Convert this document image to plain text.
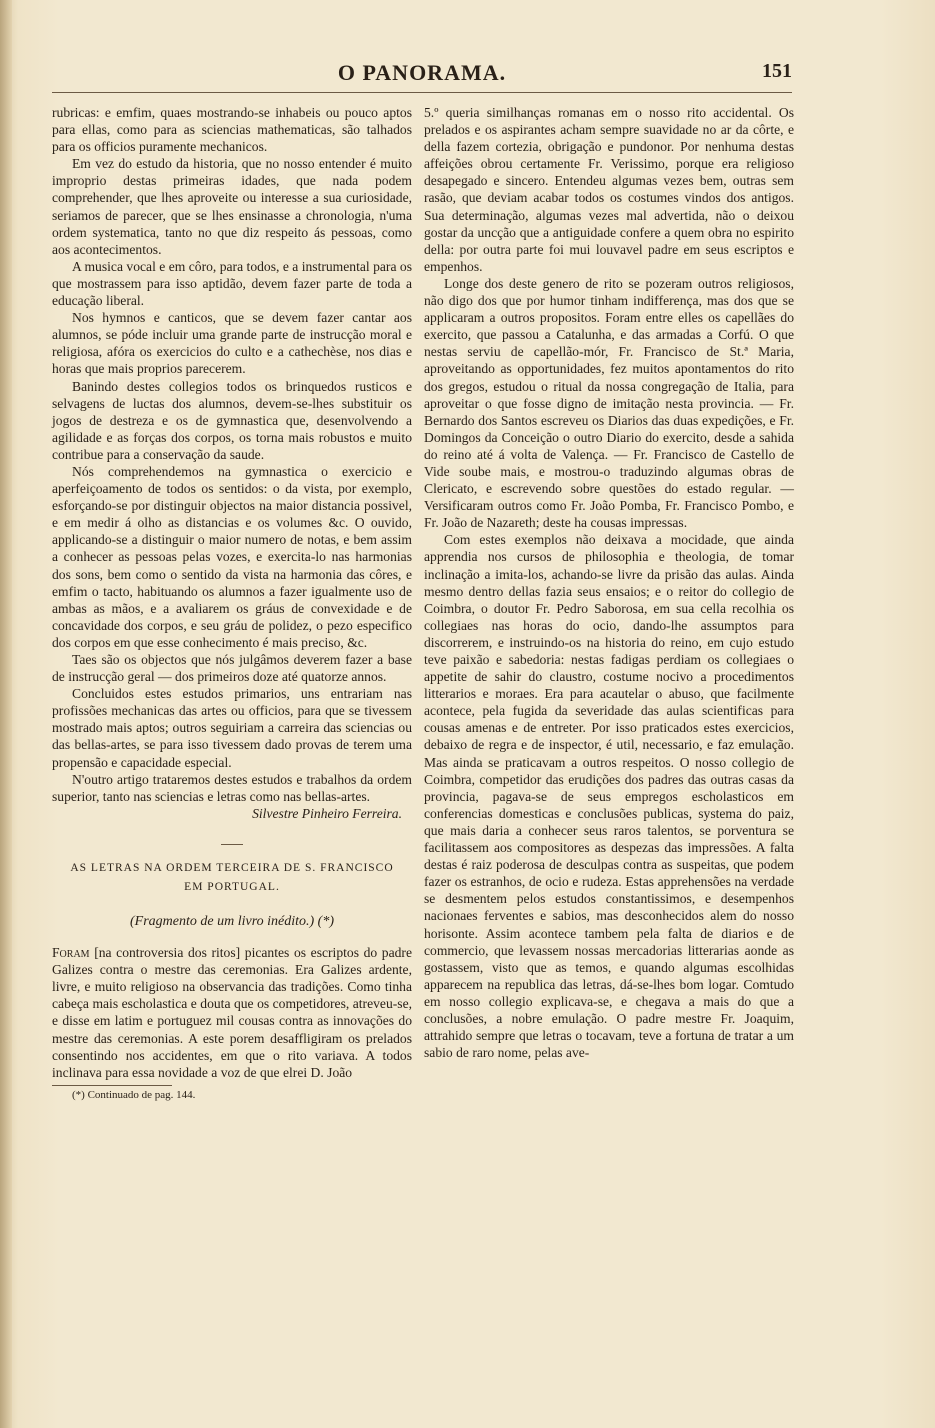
O PANORAMA.	151

rubricas: e emfim, quaes mostrando-se inhabeis ou pouco aptos para ellas, como para as sciencias mathematicas, são talhados para os officios puramente mechanicos.

Em vez do estudo da historia, que no nosso entender é muito improprio destas primeiras idades, que nada podem comprehender, que lhes aproveite ou interesse a sua curiosidade, seriamos de parecer, que se lhes ensinasse a chronologia, n'uma ordem systematica, tanto no que diz respeito ás pessoas, como aos acontecimentos.

A musica vocal e em côro, para todos, e a instrumental para os que mostrassem para isso aptidão, devem fazer parte de toda a educação liberal.

Nos hymnos e canticos, que se devem fazer cantar aos alumnos, se póde incluir uma grande parte de instrucção moral e religiosa, afóra os exercicios do culto e a cathechèse, nos dias e horas que mais proprios parecerem.

Banindo destes collegios todos os brinquedos rusticos e selvagens de luctas dos alumnos, devem-se-lhes substituir os jogos de destreza e os de gymnastica que, desenvolvendo a agilidade e as forças dos corpos, os torna mais robustos e muito contribue para a conservação da saude.

Nós comprehendemos na gymnastica o exercicio e aperfeiçoamento de todos os sentidos: o da vista, por exemplo, esforçando-se por distinguir objectos na maior distancia possivel, e em medir á olho as distancias e os volumes &c. O ouvido, applicando-se a distinguir o maior numero de notas, e bem assim a conhecer as pessoas pelas vozes, e exercita-lo nas harmonias dos sons, bem como o sentido da vista na harmonia das côres, e emfim o tacto, habituando os alumnos a fazer igualmente uso de ambas as mãos, e a avaliarem os gráus de convexidade e de concavidade dos corpos, e seu gráu de polidez, o pezo especifico dos corpos em que esse conhecimento é mais preciso, &c.

Taes são os objectos que nós julgâmos deverem fazer a base de instrucção geral — dos primeiros doze até quatorze annos.

Concluidos estes estudos primarios, uns entrariam nas profissões mechanicas das artes ou officios, para que se tivessem mostrado mais aptos; outros seguiriam a carreira das sciencias ou das bellas-artes, se para isso tivessem dado provas de terem uma propensão e capacidade especial.

N'outro artigo trataremos destes estudos e trabalhos da ordem superior, tanto nas sciencias e letras como nas bellas-artes.

Silvestre Pinheiro Ferreira.

AS LETRAS NA ORDEM TERCEIRA DE S. FRANCISCO
EM PORTUGAL.
(Fragmento de um livro inédito.) (*)

Foram [na controversia dos ritos] picantes os escriptos do padre Galizes contra o mestre das ceremonias. Era Galizes ardente, livre, e muito religioso na observancia das tradições. Como tinha cabeça mais escholastica e douta que os competidores, atreveu-se, e disse em latim e portuguez mil cousas contra as innovações do mestre das ceremonias. A este porem desaffligiram os prelados consentindo nos accidentes, em que o rito variava. A todos inclinava para essa novidade a voz de que elrei D. João

(*) Continuado de pag. 144.

5.º queria similhanças romanas em o nosso rito accidental. Os prelados e os aspirantes acham sempre suavidade no ar da côrte, e della fazem cortezia, obrigação e pundonor. Por nenhuma destas affeições obrou certamente Fr. Verissimo, porque era religioso desapegado e sincero. Entendeu algumas vezes bem, outras sem rasão, que deviam acabar todos os costumes vindos dos antigos. Sua determinação, algumas vezes mal advertida, não o deixou gostar da uncção que a antiguidade confere a quem obra no espirito della: por outra parte foi mui louvavel padre em seus escriptos e empenhos.

Longe dos deste genero de rito se pozeram outros religiosos, não digo dos que por humor tinham indifferença, mas dos que se applicaram a outros propositos. Foram entre elles os capellães do exercito, que passou a Catalunha, e das armadas a Corfú. O que nestas serviu de capellão-mór, Fr. Francisco de St.ª Maria, aproveitando as opportunidades, fez muitos apontamentos do rito dos gregos, estudou o ritual da nossa congregação de Italia, para aproveitar o que fosse digno de imitação nesta provincia. — Fr. Bernardo dos Santos escreveu os Diarios das duas expedições, e Fr. Domingos da Conceição o outro Diario do exercito, desde a sahida do reino até á volta de Valença. — Fr. Francisco de Castello de Vide soube mais, e mostrou-o traduzindo algumas obras de Clericato, e escrevendo sobre questões do estado regular. — Versificaram outros como Fr. João Pomba, Fr. Francisco Pombo, e Fr. João de Nazareth; deste ha cousas impressas.

Com estes exemplos não deixava a mocidade, que ainda apprendia nos cursos de philosophia e theologia, de tomar inclinação a imita-los, achando-se livre da prisão das aulas. Ainda mesmo dentro dellas fazia seus ensaios; e o reitor do collegio de Coimbra, o doutor Fr. Pedro Saborosa, em sua cella recolhia os collegiaes nas horas do ocio, dando-lhe assumptos para discorrerem, e instruindo-os na historia do reino, em cujo estudo teve paixão e sabedoria: nestas fadigas perdiam os collegiaes o appetite de sahir do claustro, costume nocivo a procedimentos litterarios e moraes. Era para acautelar o abuso, que facilmente acontece, pela fugida da severidade das aulas scientificas para cousas amenas e de entreter. Por isso praticados estes exercicios, debaixo de regra e de inspector, é util, necessario, e faz emulação. Mas ainda se praticavam a outros respeitos. O nosso collegio de Coimbra, competidor das erudições dos padres das outras casas da provincia, pagava-se de seus empregos escholasticos em conferencias domesticas e conclusões publicas, systema do paiz, que mais daria a conhecer seus raros talentos, se porventura se facilitassem aos compositores as despezas das impressões. A falta destas é raiz poderosa de desculpas contra as suspeitas, que podem fazer os estranhos, de ocio e rudeza. Estas apprehensões na verdade se desmentem pelos estudos constantissimos, e desempenhos nacionaes ferventes e sabios, mas desconhecidos alem do nosso horisonte. Assim acontece tambem pela falta de diarios e de commercio, que levassem nossas mercadorias litterarias aonde as gostassem, visto que as temos, e quando algumas escolhidas apparecem na republica das letras, dá-se-lhes bom logar. Comtudo em nosso collegio explicava-se, e chegava a mais do que a conclusões, a nobre emulação. O padre mestre Fr. Joaquim, attrahido sempre que letras o tocavam, teve a fortuna de tratar a um sabio de raro nome, pelas ave-
